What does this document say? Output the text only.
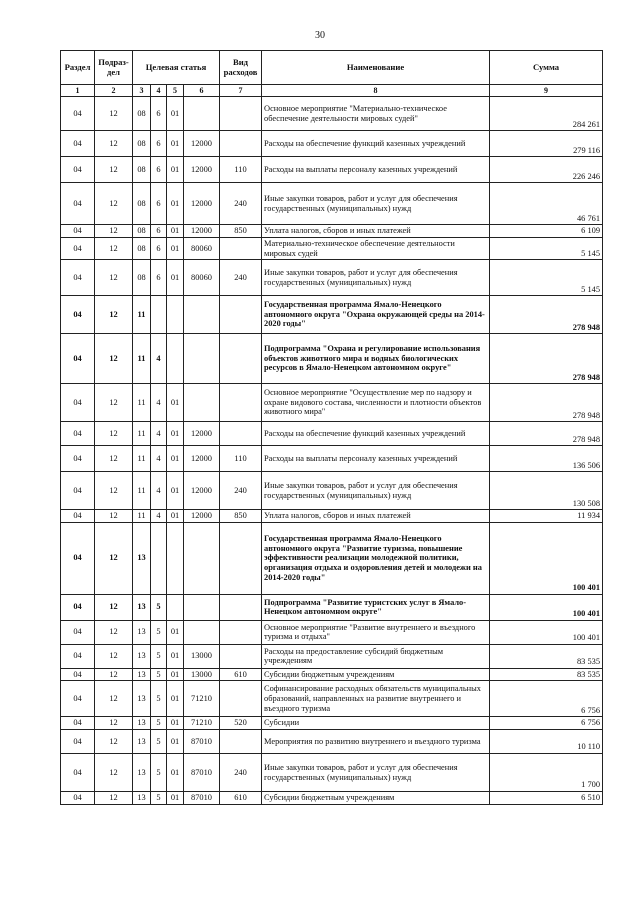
30
Раздел	Подраз-дел	Целевая статья				Вид расходов	Наименование	Сумма
1	2	3	4	5	6	7	8	9
04	12	08	6	01			Основное мероприятие "Материально-техническое обеспечение деятельности мировых судей"	284 261
04	12	08	6	01	12000		Расходы на обеспечение функций казенных учреждений	279 116
04	12	08	6	01	12000	110	Расходы на выплаты персоналу казенных учреждений	226 246
04	12	08	6	01	12000	240	Иные закупки товаров, работ и услуг для обеспечения государственных (муниципальных) нужд	46 761
04	12	08	6	01	12000	850	Уплата налогов, сборов и иных платежей	6 109
04	12	08	6	01	80060		Материально-техническое обеспечение деятельности мировых судей	5 145
04	12	08	6	01	80060	240	Иные закупки товаров, работ и услуг для обеспечения государственных (муниципальных) нужд	5 145
04	12	11					Государственная программа Ямало-Ненецкого автономного округа "Охрана окружающей среды на 2014-2020 годы"	278 948
04	12	11	4				Подпрограмма "Охрана и регулирование использования объектов животного мира и водных биологических ресурсов в Ямало-Ненецком автономном округе"	278 948
04	12	11	4	01			Основное мероприятие "Осуществление мер по надзору и охране видового состава, численности и плотности объектов животного мира"	278 948
04	12	11	4	01	12000		Расходы на обеспечение функций казенных учреждений	278 948
04	12	11	4	01	12000	110	Расходы на выплаты персоналу казенных учреждений	136 506
04	12	11	4	01	12000	240	Иные закупки товаров, работ и услуг для обеспечения государственных (муниципальных) нужд	130 508
04	12	11	4	01	12000	850	Уплата налогов, сборов и иных платежей	11 934
04	12	13					Государственная программа Ямало-Ненецкого автономного округа "Развитие туризма, повышение эффективности реализации молодежной политики, организация отдыха и оздоровления детей и молодежи на 2014-2020 годы"	100 401
04	12	13	5				Подпрограмма "Развитие туристских услуг в Ямало-Ненецком автономном округе"	100 401
04	12	13	5	01			Основное мероприятие "Развитие внутреннего и въездного туризма и отдыха"	100 401
04	12	13	5	01	13000		Расходы на предоставление субсидий бюджетным учреждениям	83 535
04	12	13	5	01	13000	610	Субсидии бюджетным учреждениям	83 535
04	12	13	5	01	71210		Софинансирование расходных обязательств муниципальных образований, направленных на развитие внутреннего и въездного туризма	6 756
04	12	13	5	01	71210	520	Субсидии	6 756
04	12	13	5	01	87010		Мероприятия по развитию внутреннего и въездного туризма	10 110
04	12	13	5	01	87010	240	Иные закупки товаров, работ и услуг для обеспечения государственных (муниципальных) нужд	1 700
04	12	13	5	01	87010	610	Субсидии бюджетным учреждениям	6 510
